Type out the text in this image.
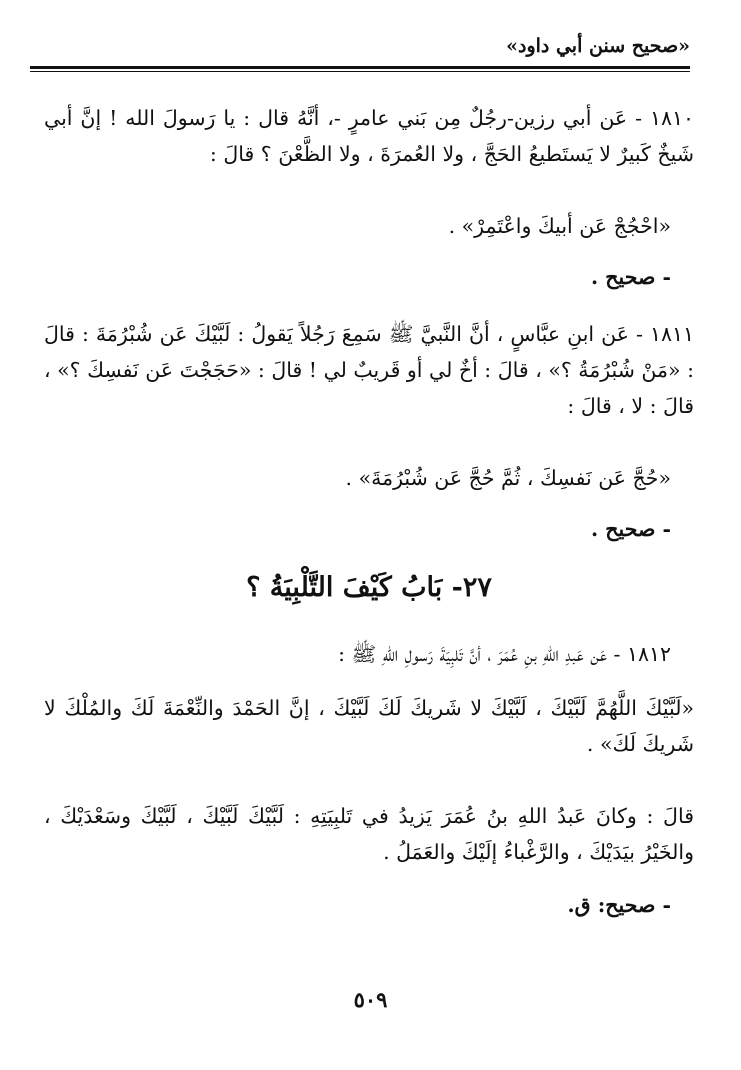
«صحيح سنن أبي داود»
١٨١٠ - عَن أبي رزين-رجُلٌ مِن بَني عامرٍ -، أنَّهُ قال : يا رَسولَ الله ! إنَّ أبي شَيخٌ كَبيرٌ لا يَستَطيعُ الحَجَّ ، ولا العُمرَةَ ، ولا الظَّعْنَ ؟ قالَ :
«احْجُجْ عَن أبيكَ واعْتَمِرْ» .
- صحيح .
١٨١١ - عَن ابنِ عبَّاسٍ ، أنَّ النَّبيَّ ﷺ سَمِعَ رَجُلاً يَقولُ : لَبَّيْكَ عَن شُبْرُمَةَ : قالَ : «مَنْ شُبْرُمَةُ ؟» ، قالَ : أخٌ لي أو قَريبٌ لي ! قالَ : «حَجَجْتَ عَن نَفسِكَ ؟» ، قالَ : لا ، قالَ :
«حُجَّ عَن نَفسِكَ ، ثُمَّ حُجَّ عَن شُبْرُمَةَ» .
- صحيح .
٢٧- بَابُ كَيْفَ التَّلْبِيَةُ ؟
١٨١٢ - عَن عَبدِ اللهِ بنِ عُمَرَ ، أنَّ تَلبِيَةَ رَسولِ اللهِ ﷺ :
«لَبَّيْكَ اللَّهُمَّ لَبَّيْكَ ، لَبَّيْكَ لا شَريكَ لَكَ لَبَّيْكَ ، إنَّ الحَمْدَ والنِّعْمَةَ لَكَ والمُلْكَ لا شَريكَ لَكَ» .
قالَ : وكانَ عَبدُ اللهِ بنُ عُمَرَ يَزيدُ في تَلبِيَتِهِ : لَبَّيْكَ لَبَّيْكَ ، لَبَّيْكَ وسَعْدَيْكَ ، والخَيْرُ بيَدَيْكَ ، والرَّغْباءُ إلَيْكَ والعَمَلُ .
- صحيح: ق.
٥٠٩
